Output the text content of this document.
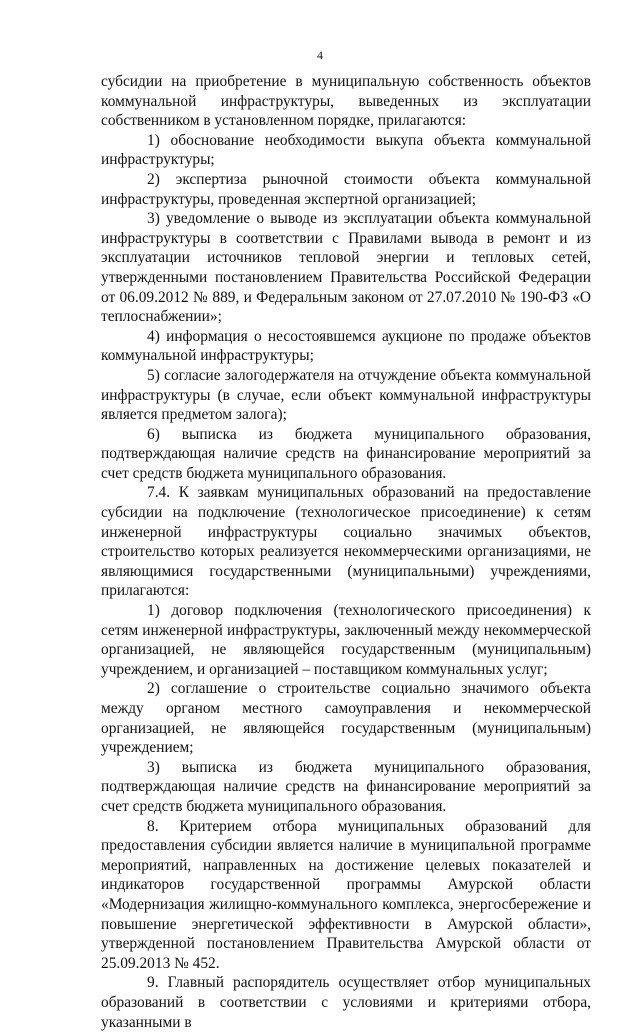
4

субсидии на приобретение в муниципальную собственность объектов коммунальной инфраструктуры, выведенных из эксплуатации собственником в установленном порядке, прилагаются:

1) обоснование необходимости выкупа объекта коммунальной инфраструктуры;

2) экспертиза рыночной стоимости объекта коммунальной инфраструктуры, проведенная экспертной организацией;

3) уведомление о выводе из эксплуатации объекта коммунальной инфраструктуры в соответствии с Правилами вывода в ремонт и из эксплуатации источников тепловой энергии и тепловых сетей, утвержденными постановлением Правительства Российской Федерации от 06.09.2012 № 889, и Федеральным законом от 27.07.2010 № 190-ФЗ «О теплоснабжении»;

4) информация о несостоявшемся аукционе по продаже объектов коммунальной инфраструктуры;

5) согласие залогодержателя на отчуждение объекта коммунальной инфраструктуры (в случае, если объект коммунальной инфраструктуры является предметом залога);

6) выписка из бюджета муниципального образования, подтверждающая наличие средств на финансирование мероприятий за счет средств бюджета муниципального образования.

7.4. К заявкам муниципальных образований на предоставление субсидии на подключение (технологическое присоединение) к сетям инженерной инфраструктуры социально значимых объектов, строительство которых реализуется некоммерческими организациями, не являющимися государственными (муниципальными) учреждениями, прилагаются:

1) договор подключения (технологического присоединения) к сетям инженерной инфраструктуры, заключенный между некоммерческой организацией, не являющейся государственным (муниципальным) учреждением, и организацией – поставщиком коммунальных услуг;

2) соглашение о строительстве социально значимого объекта между органом местного самоуправления и некоммерческой организацией, не являющейся государственным (муниципальным) учреждением;

3) выписка из бюджета муниципального образования, подтверждающая наличие средств на финансирование мероприятий за счет средств бюджета муниципального образования.

8. Критерием отбора муниципальных образований для предоставления субсидии является наличие в муниципальной программе мероприятий, направленных на достижение целевых показателей и индикаторов государственной программы Амурской области «Модернизация жилищно-коммунального комплекса, энергосбережение и повышение энергетической эффективности в Амурской области», утвержденной постановлением Правительства Амурской области от 25.09.2013 № 452.

9. Главный распорядитель осуществляет отбор муниципальных образований в соответствии с условиями и критериями отбора, указанными в
